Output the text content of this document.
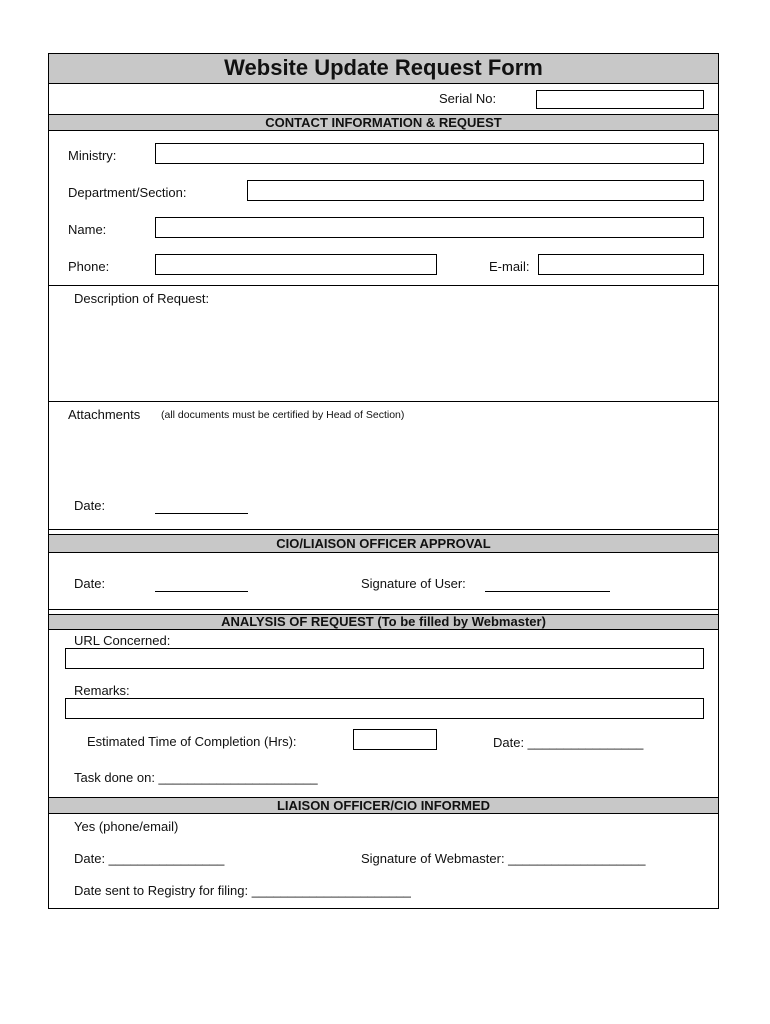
Website Update Request Form
Serial No:
CONTACT INFORMATION & REQUEST
Ministry:
Department/Section:
Name:
Phone:	E-mail:
Description of Request:
Attachments (all documents must be certified by Head of Section)
Date:
CIO/LIAISON OFFICER APPROVAL
Date:	Signature of User:
ANALYSIS OF REQUEST (To be filled by Webmaster)
URL Concerned:
Remarks:
Estimated Time of Completion (Hrs):	Date: ________________
Task done on: ______________________
LIAISON OFFICER/CIO INFORMED
Yes (phone/email)
Date: ________________	Signature of Webmaster: ___________________
Date sent to Registry for filing: ______________________
